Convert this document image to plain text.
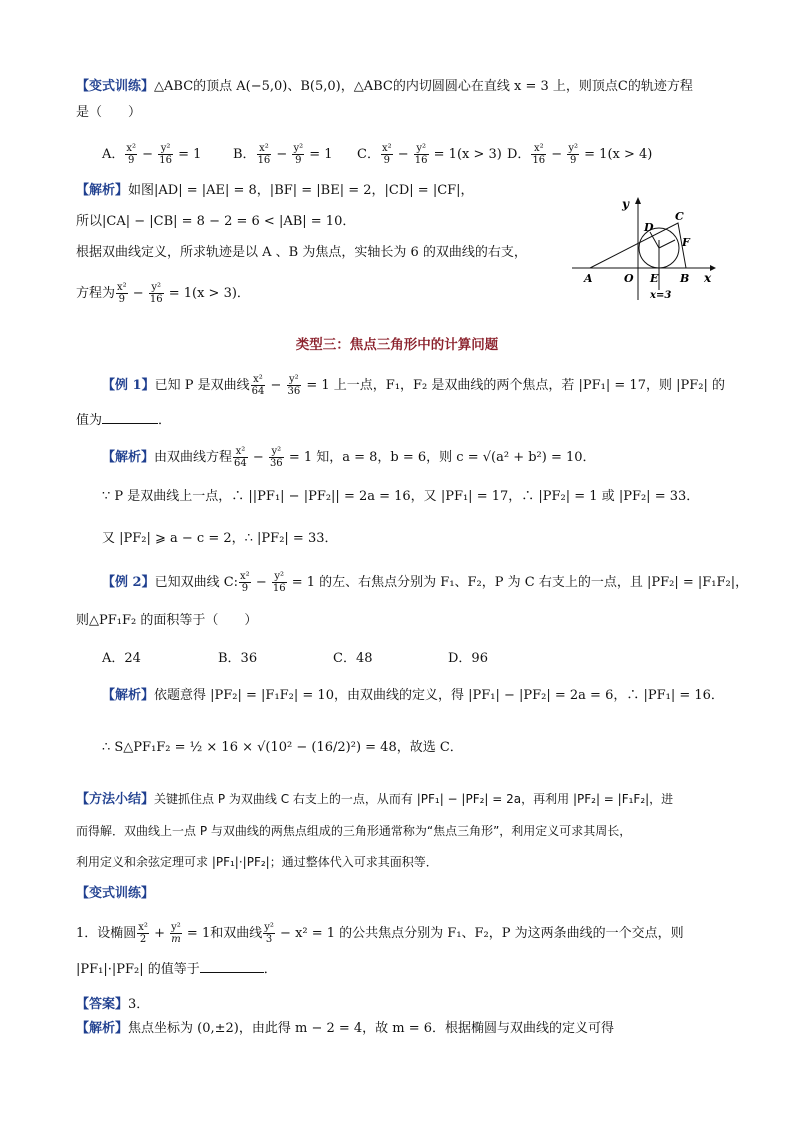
【变式训练】△ABC的顶点 A(−5,0)、B(5,0)，△ABC的内切圆圆心在直线 x = 3 上，则顶点C的轨迹方程
是（　　）
A． $\frac{\text{x²}}{9} - \frac{\text{y²}}{16} = 1$ B． $\frac{\text{x²}}{16} - \frac{\text{y²}}{9} = 1$ C． $\frac{\text{x²}}{9} - \frac{\text{y²}}{16} = 1(x > 3)$ D． $\frac{\text{x²}}{16} - \frac{\text{y²}}{9} = 1(x > 4)$
【解析】如图|AD| = |AE| = 8，|BF| = |BE| = 2，|CD| = |CF|，
所以|CA| − |CB| = 8 − 2 = 6 < |AB| = 10．
根据双曲线定义，所求轨迹是以 A 、B 为焦点，实轴长为 6 的双曲线的右支，
方程为 $\frac{\text{x²}}{9} - \frac{\text{y²}}{16} = 1(x > 3)$．
y
x
A	O E B
D
C
F
x=3
类型三：焦点三角形中的计算问题
【例 1】已知 P 是双曲线 $\frac{\text{x²}}{64} - \frac{\text{y²}}{36} = 1$ 上一点，F₁，F₂ 是双曲线的两个焦点，若 |PF₁| = 17，则 |PF₂| 的
值为	．
【解析】由双曲线方程 $\frac{\text{x²}}{64} - \frac{\text{y²}}{36} = 1$ 知，a = 8，b = 6，则 c = √(a² + b²) = 10．
∵ P 是双曲线上一点，∴ ||PF₁| − |PF₂|| = 2a = 16，又 |PF₁| = 17，∴ |PF₂| = 1 或 |PF₂| = 33．
又 |PF₂| ⩾ a − c = 2，∴ |PF₂| = 33．
【例 2】已知双曲线 C: $\frac{\text{x²}}{9} - \frac{\text{y²}}{16} = 1$ 的左、右焦点分别为 F₁、F₂，P 为 C 右支上的一点，且 |PF₂| = |F₁F₂|，
则△PF₁F₂ 的面积等于（　　）
A．24	B．36	C．48	D．96
【解析】依题意得 |PF₂| = |F₁F₂| = 10，由双曲线的定义，得 |PF₁| − |PF₂| = 2a = 6，∴ |PF₁| = 16．
∴ S△PF₁F₂ = ½ × 16 × √(10² − (16/2)²) = 48，故选 C．
【方法小结】关键抓住点 P 为双曲线 C 右支上的一点，从而有 |PF₁| − |PF₂| = 2a，再利用 |PF₂| = |F₁F₂|，进
而得解．双曲线上一点 P 与双曲线的两焦点组成的三角形通常称为“焦点三角形”，利用定义可求其周长，
利用定义和余弦定理可求 |PF₁|·|PF₂|；通过整体代入可求其面积等．
【变式训练】
1．设椭圆 $\frac{\text{x²}}{2} + \frac{\text{y²}}{m} = 1$和双曲线 $\frac{\text{y²}}{3} - x^2 = 1$ 的公共焦点分别为 F₁、F₂，P 为这两条曲线的一个交点，则
|PF₁|·|PF₂| 的值等于	．
【答案】3．
【解析】焦点坐标为 (0,±2)，由此得 m − 2 = 4，故 m = 6．根据椭圆与双曲线的定义可得
